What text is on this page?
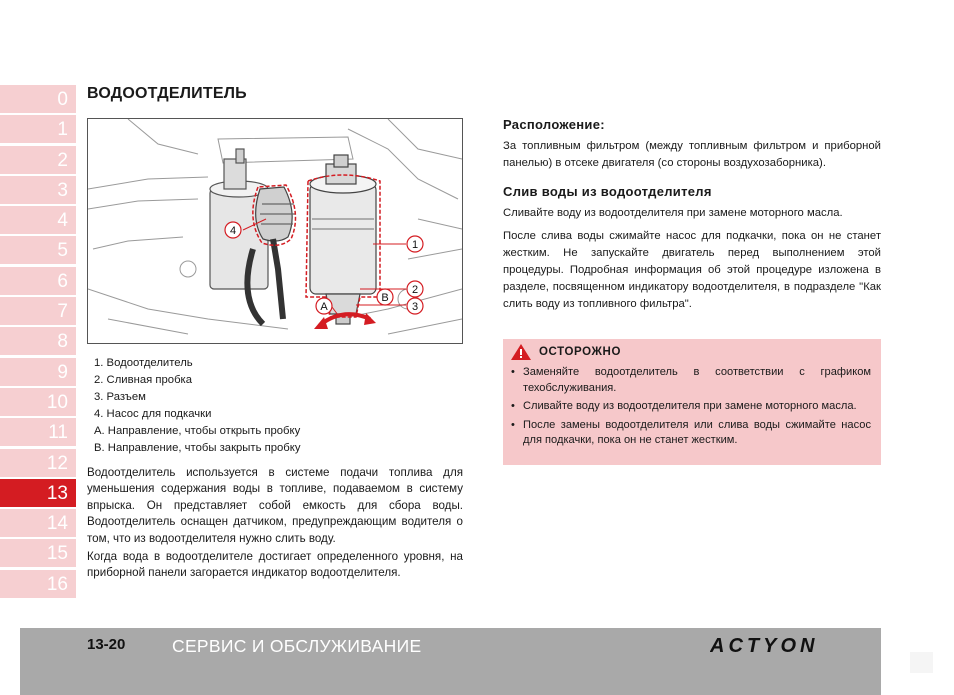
0
1
2
3
4
5
6
7
8
9
10
11
12
13
14
15
16
ВОДООТДЕЛИТЕЛЬ
1
2
3
4
A
B
1. Водоотделитель
2. Сливная пробка
3. Разъем
4. Насос для подкачки
A. Направление, чтобы открыть пробку
B. Направление, чтобы закрыть пробку

Водоотделитель используется в системе подачи топлива для уменьшения содержания воды в топливе, подаваемом в систему впрыска. Он представляет собой емкость для сбора воды. Водоотделитель оснащен датчиком, предупреждающим водителя о том, что из водоотделителя нужно слить воду.

Когда вода в водоотделителе достигает определенного уровня, на приборной панели загорается индикатор водоотделителя.

Расположение:

За топливным фильтром (между топливным фильтром и приборной панелью) в отсеке двигателя (со стороны воздухозаборника).

Слив воды из водоотделителя

Сливайте воду из водоотделителя при замене моторного масла.

После слива воды сжимайте насос для подкачки, пока он не станет жестким. Не запускайте двигатель перед выполнением этой процедуры. Подробная информация об этой процедуре изложена в разделе, посвященном индикатору водоотделителя, в подразделе "Как слить воду из топливного фильтра".

ОСТОРОЖНО
• Заменяйте водоотделитель в соответствии с графиком техобслуживания.
• Сливайте воду из водоотделителя при замене моторного масла.
• После замены водоотделителя или слива воды сжимайте насос для подкачки, пока он не станет жестким.
13-20	СЕРВИС И ОБСЛУЖИВАНИЕ	ACTYON
